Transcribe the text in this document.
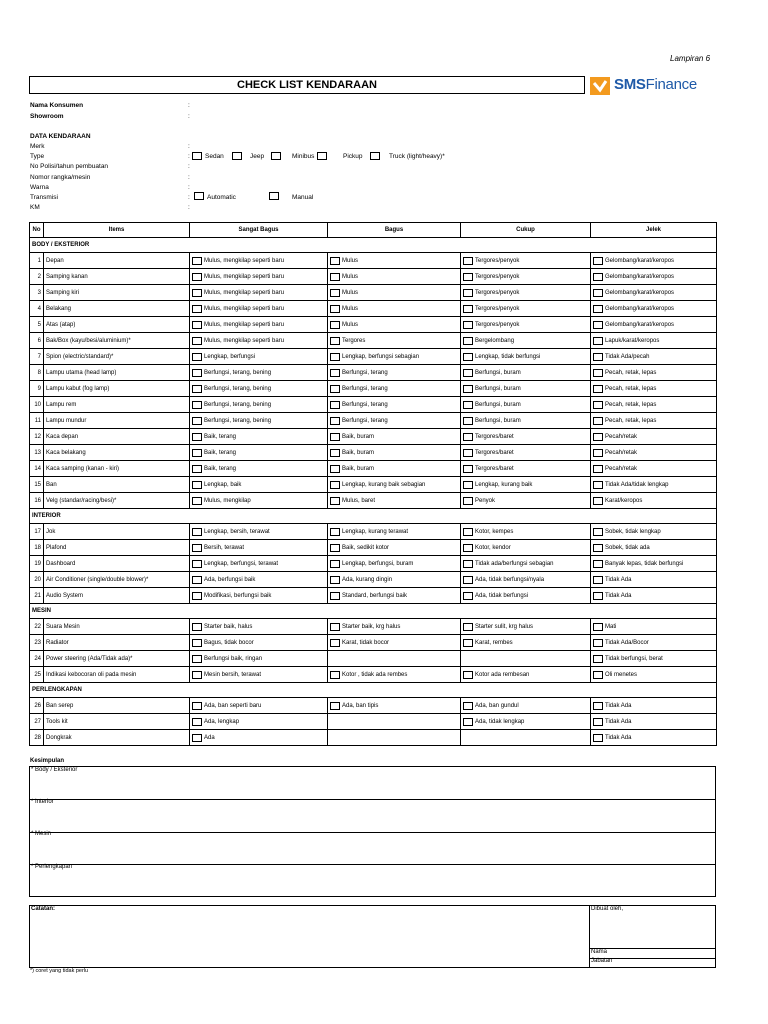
Lampiran 6
CHECK LIST KENDARAAN	SMSFinance
Nama Konsumen	:
Showroom	:
DATA KENDARAAN
Merk	:
Type	: Sedan	Jeep	Minibus	Pickup	Truck (light/heavy)*
No Polisi/tahun pembuatan	:
Nomor rangka/mesin	:
Warna	:
Transmisi	:	Automatic	Manual
KM	:
No	Items	Sangat Bagus	Bagus	Cukup	Jelek
BODY / EKSTERIOR					
1	Depan	Mulus, mengkilap seperti baru	Mulus	Tergores/penyok	Gelombang/karat/keropos

2	Samping kanan	Mulus, mengkilap seperti baru	Mulus	Tergores/penyok	Gelombang/karat/keropos

3	Samping kiri	Mulus, mengkilap seperti baru	Mulus	Tergores/penyok	Gelombang/karat/keropos

4	Belakang	Mulus, mengkilap seperti baru	Mulus	Tergores/penyok	Gelombang/karat/keropos

5	Atas (atap)	Mulus, mengkilap seperti baru	Mulus	Tergores/penyok	Gelombang/karat/keropos

6	Bak/Box (kayu/besi/aluminium)*	Mulus, mengkilap seperti baru	Tergores	Bergelombang	Lapuk/karat/keropos

7	Spion (electric/standard)*	Lengkap, berfungsi	Lengkap, berfungsi sebagian	Lengkap, tidak berfungsi	Tidak Ada/pecah

8	Lampu utama (head lamp)	Berfungsi, terang, bening	Berfungsi, terang	Berfungsi, buram	Pecah, retak, lepas

9	Lampu kabut (fog lamp)	Berfungsi, terang, bening	Berfungsi, terang	Berfungsi, buram	Pecah, retak, lepas

10	Lampu rem	Berfungsi, terang, bening	Berfungsi, terang	Berfungsi, buram	Pecah, retak, lepas

11	Lampu mundur	Berfungsi, terang, bening	Berfungsi, terang	Berfungsi, buram	Pecah, retak, lepas

12	Kaca depan	Baik, terang	Baik, buram	Tergores/baret	Pecah/retak

13	Kaca belakang	Baik, terang	Baik, buram	Tergores/baret	Pecah/retak

14	Kaca samping (kanan - kiri)	Baik, terang	Baik, buram	Tergores/baret	Pecah/retak

15	Ban	Lengkap, baik	Lengkap, kurang baik sebagian	Lengkap, kurang baik	Tidak Ada/tidak lengkap

16	Velg (standar/racing/besi)*	Mulus, mengkilap	Mulus, baret	Penyok	Karat/keropos

INTERIOR					
17	Jok	Lengkap, bersih, terawat	Lengkap, kurang terawat	Kotor, kempes	Sobek, tidak lengkap

18	Plafond	Bersih, terawat	Baik, sedikit kotor	Kotor, kendor	Sobek, tidak ada

19	Dashboard	Lengkap, berfungsi, terawat	Lengkap, berfungsi, buram	Tidak ada/berfungsi sebagian	Banyak lepas, tidak berfungsi

20	Air Conditioner (single/double blower)*	Ada, berfungsi baik	Ada, kurang dingin	Ada, tidak berfungsi/nyala	Tidak Ada

21	Audio System	Modifikasi, berfungsi baik	Standard, berfungsi baik	Ada, tidak berfungsi	Tidak Ada

MESIN					
22	Suara Mesin	Starter baik, halus	Starter baik, krg halus	Starter sulit, krg halus	Mati

23	Radiator	Bagus, tidak bocor	Karat, tidak bocor	Karat, rembes	Tidak Ada/Bocor

24	Power steering (Ada/Tidak ada)*	Berfungsi baik, ringan			Tidak berfungsi, berat

25	Indikasi kebocoran oli pada mesin	Mesin bersih, terawat	Kotor , tidak ada rembes	Kotor ada rembesan	Oli menetes

PERLENGKAPAN					
26	Ban serep	Ada, ban seperti baru	Ada, ban tipis	Ada, ban gundul	Tidak Ada

27	Tools kit	Ada, lengkap		Ada, tidak lengkap	Tidak Ada

28	Dongkrak	Ada			Tidak Ada
Kesimpulan
* Body / Eksterior
* Interior
* Mesin
* Perlengkapan
Catatan:	Dibuat oleh,
Nama
Jabatan
*) coret yang tidak perlu
